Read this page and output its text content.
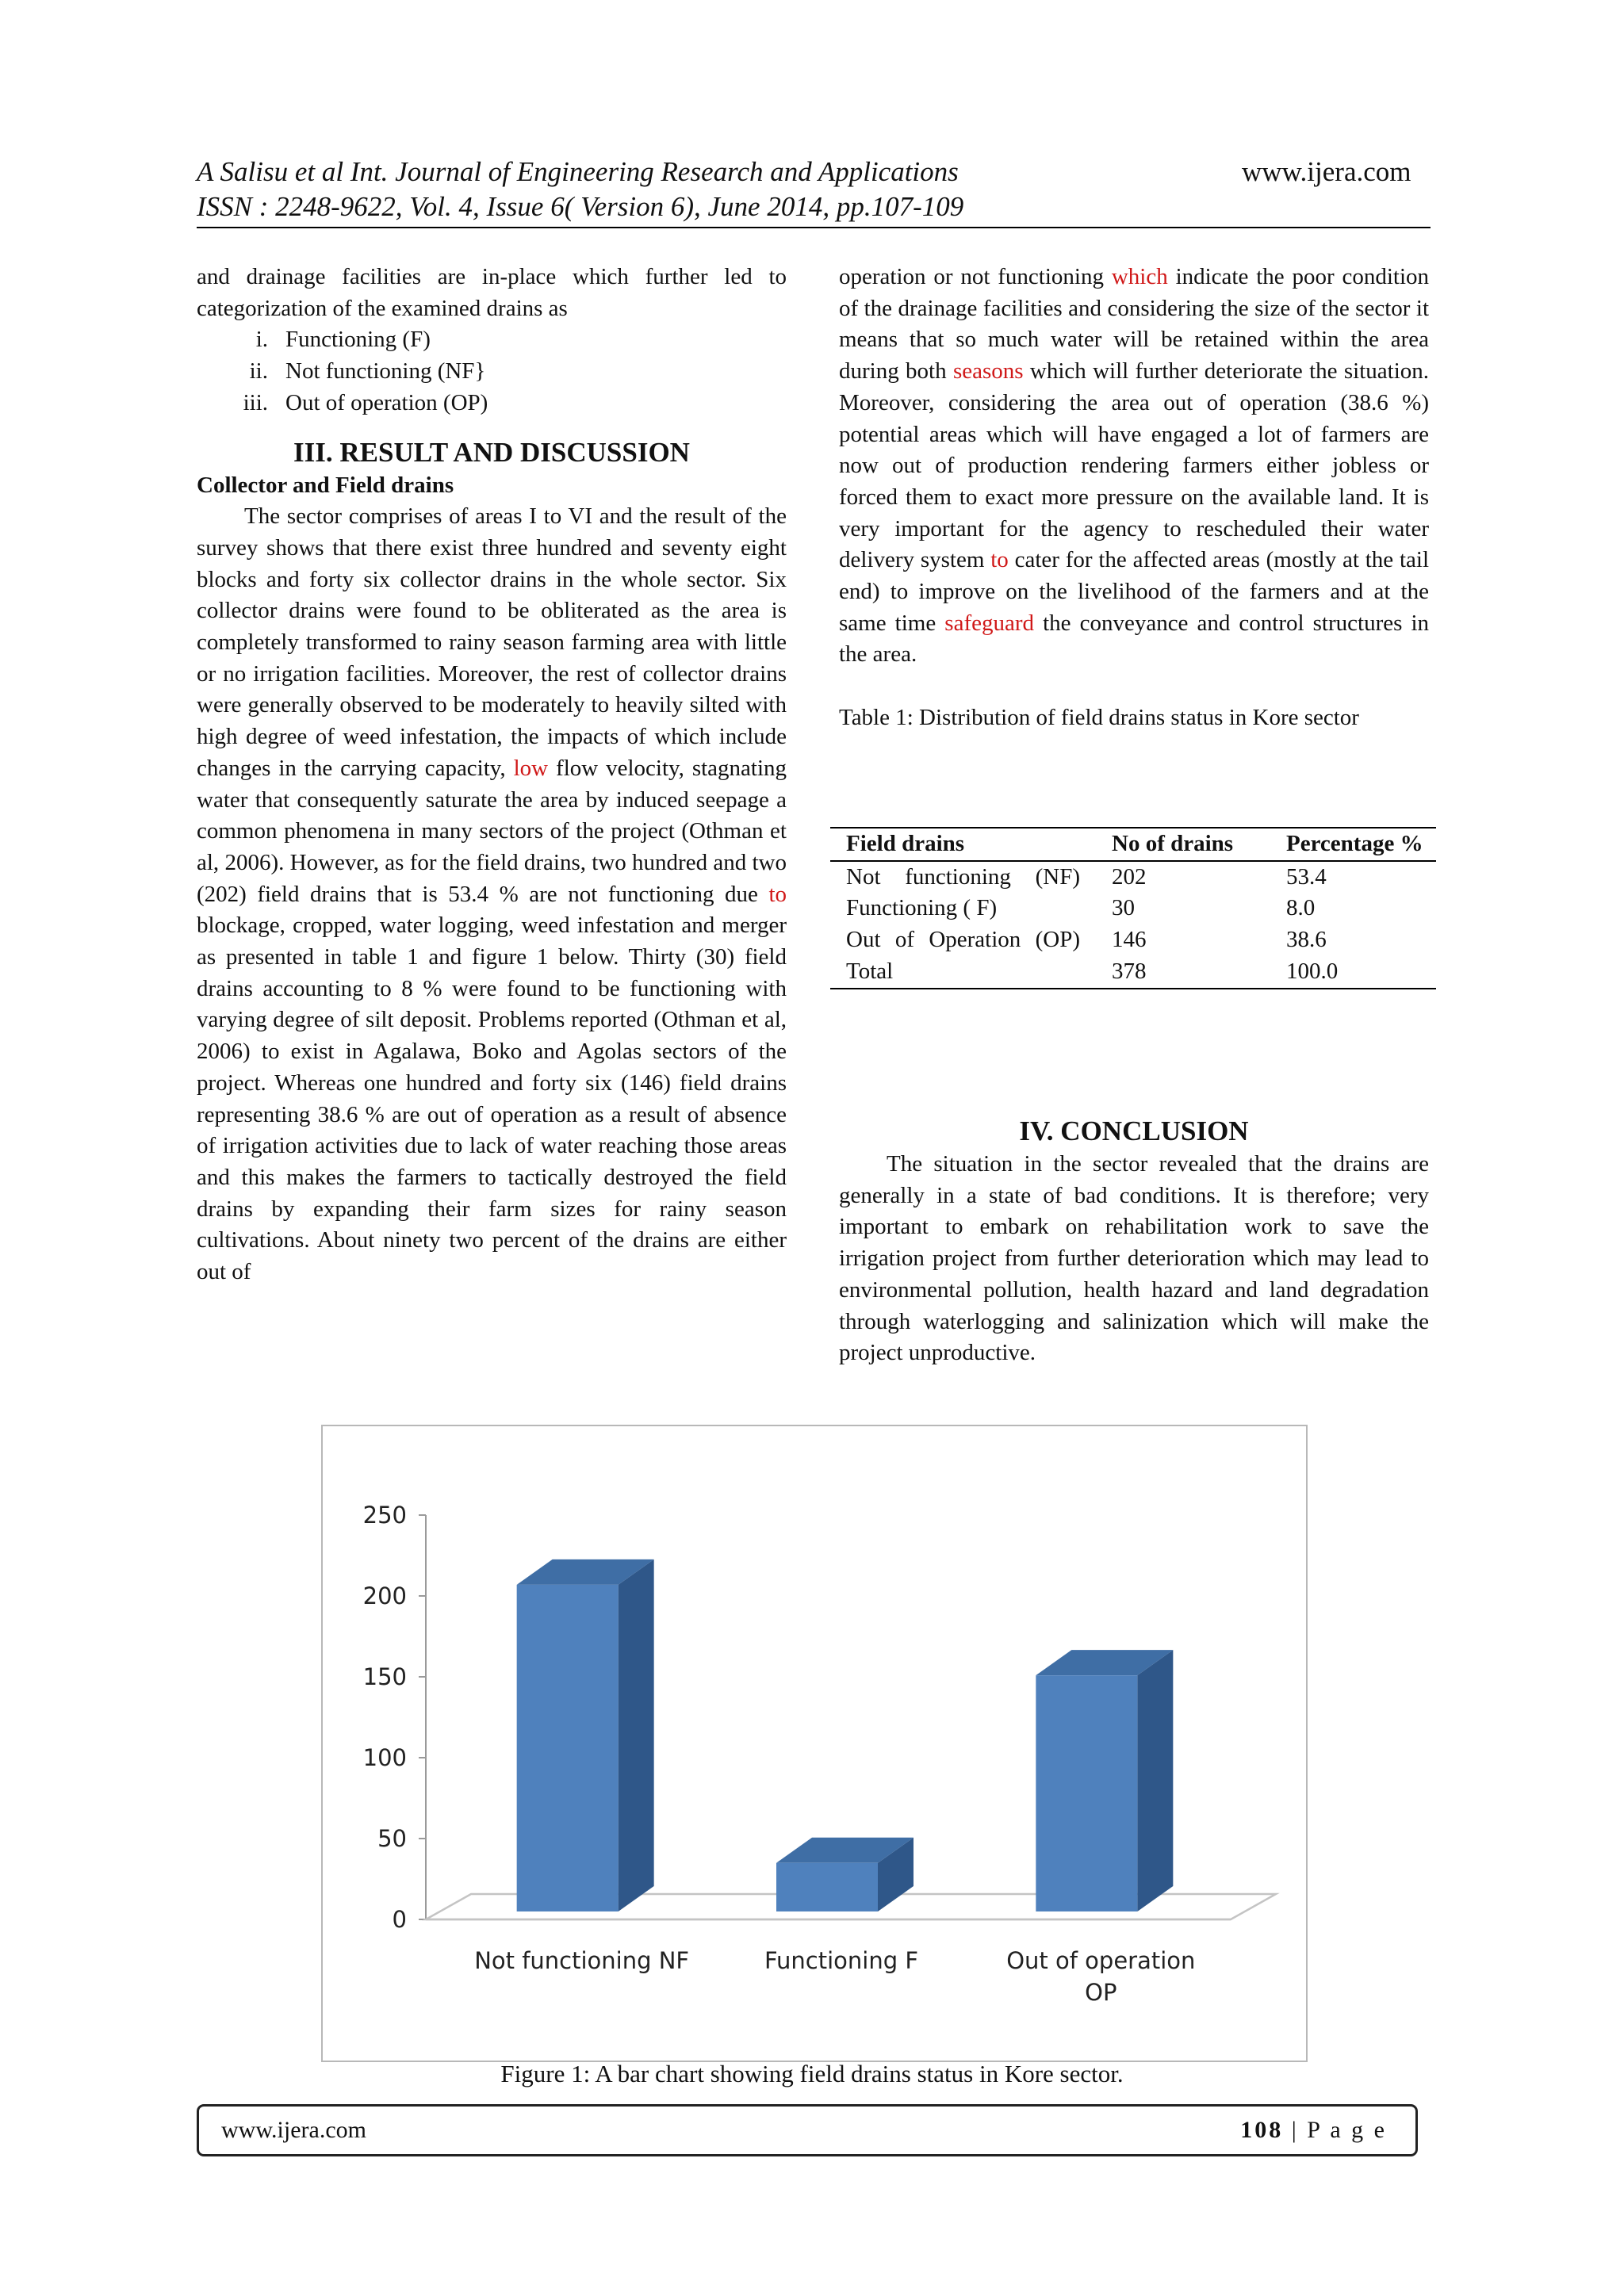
A Salisu et al Int. Journal of Engineering Research and Applications	www.ijera.com
ISSN : 2248-9622, Vol. 4, Issue 6( Version 6), June 2014, pp.107-109

and drainage facilities are in-place which further led to categorization of the examined drains as

i. Functioning (F)
ii. Not functioning (NF}
iii. Out of operation (OP)

III. RESULT AND DISCUSSION

Collector and Field drains

The sector comprises of areas I to VI and the result of the survey shows that there exist three hundred and seventy eight blocks and forty six collector drains in the whole sector. Six collector drains were found to be obliterated as the area is completely transformed to rainy season farming area with little or no irrigation facilities. Moreover, the rest of collector drains were generally observed to be moderately to heavily silted with high degree of weed infestation, the impacts of which include changes in the carrying capacity, low flow velocity, stagnating water that consequently saturate the area by induced seepage a common phenomena in many sectors of the project (Othman et al, 2006). However, as for the field drains, two hundred and two (202) field drains that is 53.4 % are not functioning due to blockage, cropped, water logging, weed infestation and merger as presented in table 1 and figure 1 below. Thirty (30) field drains accounting to 8 % were found to be functioning with varying degree of silt deposit. Problems reported (Othman et al, 2006) to exist in Agalawa, Boko and Agolas sectors of the project. Whereas one hundred and forty six (146) field drains representing 38.6 % are out of operation as a result of absence of irrigation activities due to lack of water reaching those areas and this makes the farmers to tactically destroyed the field drains by expanding their farm sizes for rainy season cultivations. About ninety two percent of the drains are either out of

operation or not functioning which indicate the poor condition of the drainage facilities and considering the size of the sector it means that so much water will be retained within the area during both seasons which will further deteriorate the situation. Moreover, considering the area out of operation (38.6 %) potential areas which will have engaged a lot of farmers are now out of production rendering farmers either jobless or forced them to exact more pressure on the available land. It is very important for the agency to rescheduled their water delivery system to cater for the affected areas (mostly at the tail end) to improve on the livelihood of the farmers and at the same time safeguard the conveyance and control structures in the area.

Table 1: Distribution of field drains status in Kore sector

Field drains	No of drains	Percentage %
Not functioning (NF)	202	53.4
Functioning ( F)	30	8.0
Out of Operation (OP)	146	38.6
Total	378	100.0

IV. CONCLUSION

The situation in the sector revealed that the drains are generally in a state of bad conditions. It is therefore; very important to embark on rehabilitation work to save the irrigation project from further deterioration which may lead to environmental pollution, health hazard and land degradation through waterlogging and salinization which will make the project unproductive.

0
50
100
150
200
250
Not functioning NF	Functioning F	Out of operation
OP
Figure 1: A bar chart showing field drains status in Kore sector.
www.ijera.com	108 | P a g e
